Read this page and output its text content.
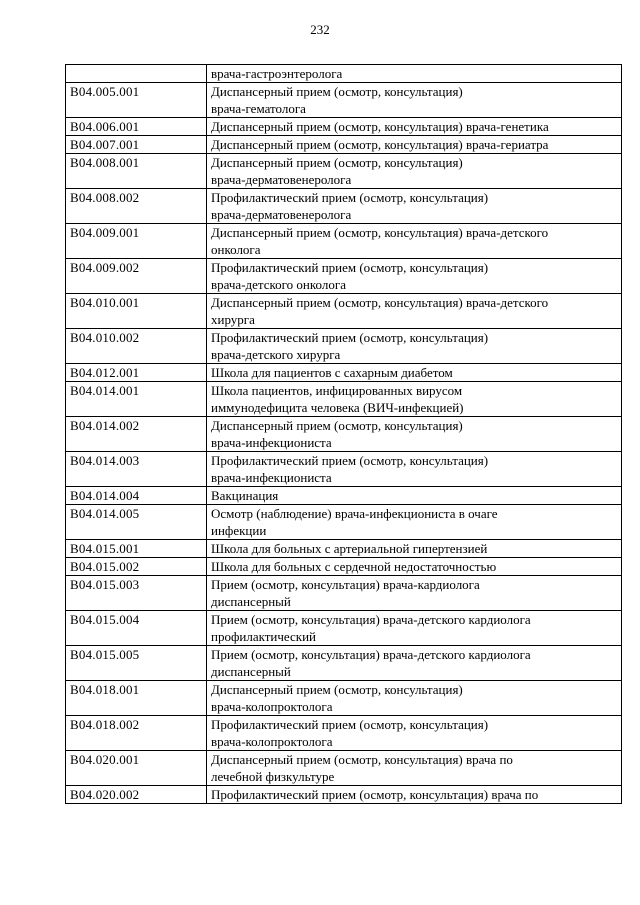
232
	врача-гастроэнтеролога
B04.005.001	Диспансерный прием (осмотр, консультация)
врача-гематолога
B04.006.001	Диспансерный прием (осмотр, консультация) врача-генетика
B04.007.001	Диспансерный прием (осмотр, консультация) врача-гериатра
B04.008.001	Диспансерный прием (осмотр, консультация)
врача-дерматовенеролога
B04.008.002	Профилактический прием (осмотр, консультация)
врача-дерматовенеролога
B04.009.001	Диспансерный прием (осмотр, консультация) врача-детского
онколога
B04.009.002	Профилактический прием (осмотр, консультация)
врача-детского онколога
B04.010.001	Диспансерный прием (осмотр, консультация) врача-детского
хирурга
B04.010.002	Профилактический прием (осмотр, консультация)
врача-детского хирурга
B04.012.001	Школа для пациентов с сахарным диабетом
B04.014.001	Школа пациентов, инфицированных вирусом
иммунодефицита человека (ВИЧ-инфекцией)
B04.014.002	Диспансерный прием (осмотр, консультация)
врача-инфекциониста
B04.014.003	Профилактический прием (осмотр, консультация)
врача-инфекциониста
B04.014.004	Вакцинация
B04.014.005	Осмотр (наблюдение) врача-инфекциониста в очаге
инфекции
B04.015.001	Школа для больных с артериальной гипертензией
B04.015.002	Школа для больных с сердечной недостаточностью
B04.015.003	Прием (осмотр, консультация) врача-кардиолога
диспансерный
B04.015.004	Прием (осмотр, консультация) врача-детского кардиолога
профилактический
B04.015.005	Прием (осмотр, консультация) врача-детского кардиолога
диспансерный
B04.018.001	Диспансерный прием (осмотр, консультация)
врача-колопроктолога
B04.018.002	Профилактический прием (осмотр, консультация)
врача-колопроктолога
B04.020.001	Диспансерный прием (осмотр, консультация) врача по
лечебной физкультуре
B04.020.002	Профилактический прием (осмотр, консультация) врача по
